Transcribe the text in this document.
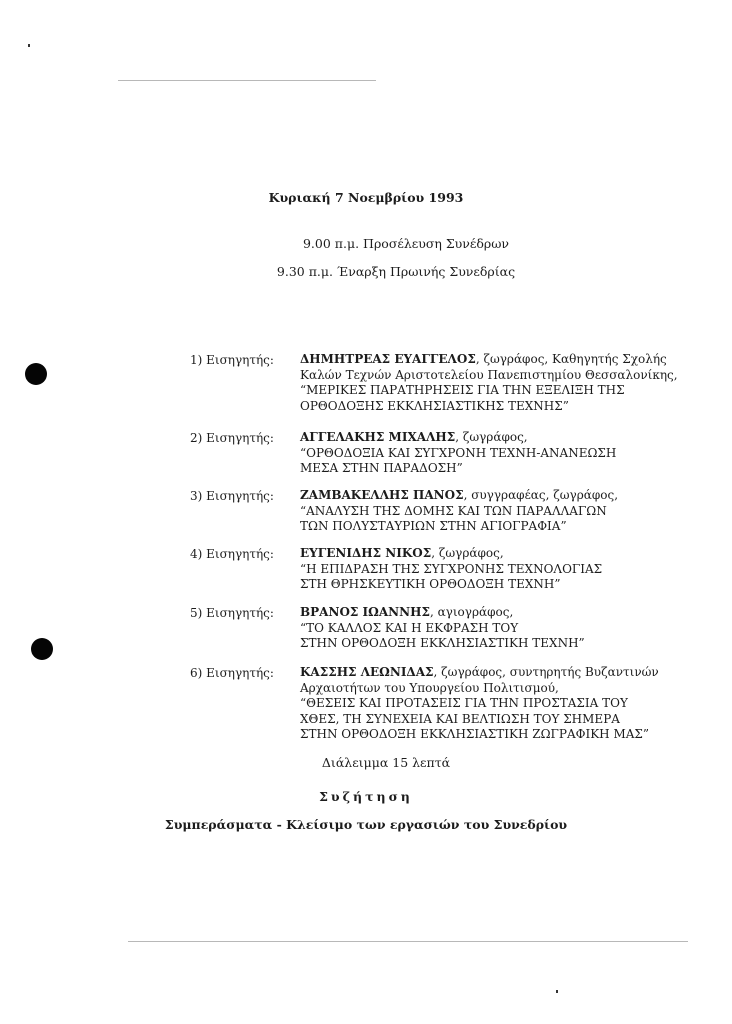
Κυριακή 7 Νοεμβρίου 1993
9.00 π.μ. Προσέλευση Συνέδρων
9.30 π.μ. Έναρξη Πρωινής Συνεδρίας
1) Εισηγητής: ΔΗΜΗΤΡΕΑΣ ΕΥΑΓΓΕΛΟΣ, ζωγράφος, Καθηγητής Σχολής
Καλών Τεχνών Αριστοτελείου Πανεπιστημίου Θεσσαλονίκης,
“ΜΕΡΙΚΕΣ ΠΑΡΑΤΗΡΗΣΕΙΣ ΓΙΑ ΤΗΝ ΕΞΕΛΙΞΗ ΤΗΣ
ΟΡΘΟΔΟΞΗΣ ΕΚΚΛΗΣΙΑΣΤΙΚΗΣ ΤΕΧΝΗΣ”
2) Εισηγητής: ΑΓΓΕΛΑΚΗΣ ΜΙΧΑΛΗΣ, ζωγράφος,
“ΟΡΘΟΔΟΞΙΑ ΚΑΙ ΣΥΓΧΡΟΝΗ ΤΕΧΝΗ-ΑΝΑΝΕΩΣΗ
ΜΕΣΑ ΣΤΗΝ ΠΑΡΑΔΟΣΗ”
3) Εισηγητής: ΖΑΜΒΑΚΕΛΛΗΣ ΠΑΝΟΣ, συγγραφέας, ζωγράφος,
“ΑΝΑΛΥΣΗ ΤΗΣ ΔΟΜΗΣ ΚΑΙ ΤΩΝ ΠΑΡΑΛΛΑΓΩΝ
ΤΩΝ ΠΟΛΥΣΤΑΥΡΙΩΝ ΣΤΗΝ ΑΓΙΟΓΡΑΦΙΑ”
4) Εισηγητής: ΕΥΓΕΝΙΔΗΣ ΝΙΚΟΣ, ζωγράφος,
“Η ΕΠΙΔΡΑΣΗ ΤΗΣ ΣΥΓΧΡΟΝΗΣ ΤΕΧΝΟΛΟΓΙΑΣ
ΣΤΗ ΘΡΗΣΚΕΥΤΙΚΗ ΟΡΘΟΔΟΞΗ ΤΕΧΝΗ”
5) Εισηγητής: ΒΡΑΝΟΣ ΙΩΑΝΝΗΣ, αγιογράφος,
“ΤΟ ΚΑΛΛΟΣ ΚΑΙ Η ΕΚΦΡΑΣΗ ΤΟΥ
ΣΤΗΝ ΟΡΘΟΔΟΞΗ ΕΚΚΛΗΣΙΑΣΤΙΚΗ ΤΕΧΝΗ”
6) Εισηγητής: ΚΑΣΣΗΣ ΛΕΩΝΙΔΑΣ, ζωγράφος, συντηρητής Βυζαντινών
Αρχαιοτήτων του Υπουργείου Πολιτισμού,
“ΘΕΣΕΙΣ ΚΑΙ ΠΡΟΤΑΣΕΙΣ ΓΙΑ ΤΗΝ ΠΡΟΣΤΑΣΙΑ ΤΟΥ
ΧΘΕΣ, ΤΗ ΣΥΝΕΧΕΙΑ ΚΑΙ ΒΕΛΤΙΩΣΗ ΤΟΥ ΣΗΜΕΡΑ
ΣΤΗΝ ΟΡΘΟΔΟΞΗ ΕΚΚΛΗΣΙΑΣΤΙΚΗ ΖΩΓΡΑΦΙΚΗ ΜΑΣ”
Διάλειμμα 15 λεπτά
Συζήτηση
Συμπεράσματα - Κλείσιμο των εργασιών του Συνεδρίου
